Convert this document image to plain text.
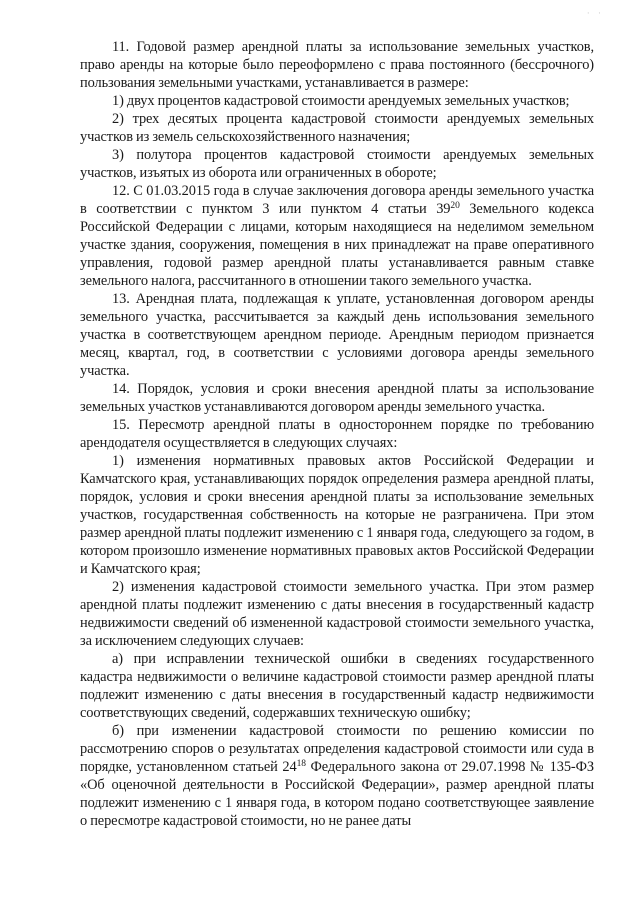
· ·

11. Годовой размер арендной платы за использование земельных участков, право аренды на которые было переоформлено с права постоянного (бессрочного) пользования земельными участками, устанавливается в размере:

1) двух процентов кадастровой стоимости арендуемых земельных участков;

2) трех десятых процента кадастровой стоимости арендуемых земельных участков из земель сельскохозяйственного назначения;

3) полутора процентов кадастровой стоимости арендуемых земельных участков, изъятых из оборота или ограниченных в обороте;

12. С 01.03.2015 года в случае заключения договора аренды земельного участка в соответствии с пунктом 3 или пунктом 4 статьи $39^{20}$ Земельного кодекса Российской Федерации с лицами, которым находящиеся на неделимом земельном участке здания, сооружения, помещения в них принадлежат на праве оперативного управления, годовой размер арендной платы устанавливается равным ставке земельного налога, рассчитанного в отношении такого земельного участка.

13. Арендная плата, подлежащая к уплате, установленная договором аренды земельного участка, рассчитывается за каждый день использования земельного участка в соответствующем арендном периоде. Арендным периодом признается месяц, квартал, год, в соответствии с условиями договора аренды земельного участка.

14. Порядок, условия и сроки внесения арендной платы за использование земельных участков устанавливаются договором аренды земельного участка.

15. Пересмотр арендной платы в одностороннем порядке по требованию арендодателя осуществляется в следующих случаях:

1) изменения нормативных правовых актов Российской Федерации и Камчатского края, устанавливающих порядок определения размера арендной платы, порядок, условия и сроки внесения арендной платы за использование земельных участков, государственная собственность на которые не разграничена. При этом размер арендной платы подлежит изменению с 1 января года, следующего за годом, в котором произошло изменение нормативных правовых актов Российской Федерации и Камчатского края;

2) изменения кадастровой стоимости земельного участка. При этом размер арендной платы подлежит изменению с даты внесения в государственный кадастр недвижимости сведений об измененной кадастровой стоимости земельного участка, за исключением следующих случаев:

а) при исправлении технической ошибки в сведениях государственного кадастра недвижимости о величине кадастровой стоимости размер арендной платы подлежит изменению с даты внесения в государственный кадастр недвижимости соответствующих сведений, содержавших техническую ошибку;

б) при изменении кадастровой стоимости по решению комиссии по рассмотрению споров о результатах определения кадастровой стоимости или суда в порядке, установленном статьей $24^{18}$ Федерального закона от 29.07.1998 № 135-ФЗ «Об оценочной деятельности в Российской Федерации», размер арендной платы подлежит изменению с 1 января года, в котором подано соответствующее заявление о пересмотре кадастровой стоимости, но не ранее даты
